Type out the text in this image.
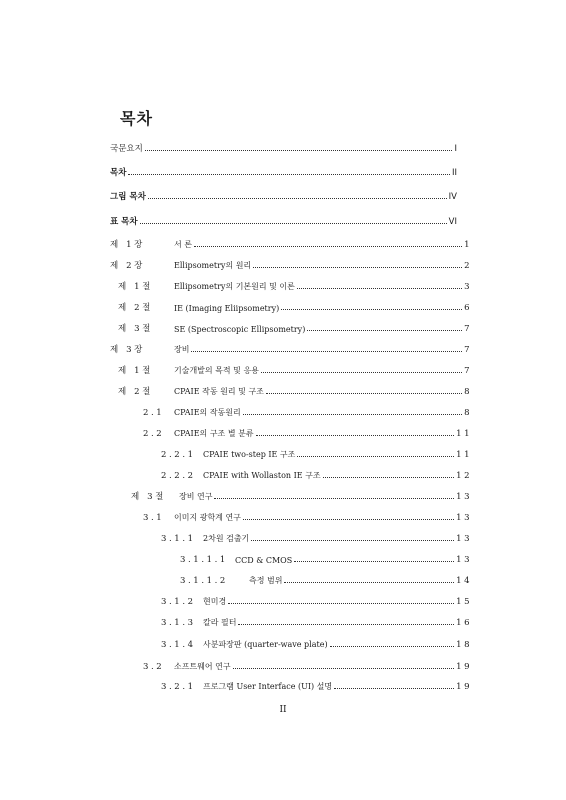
목차
국문요지	I
목차	II
그림 목차	IV
표 목차	VI
제 1장	서 론	1
제 2장	Ellipsometry의 원리	2
제 1절	Ellipsometry의 기본원리 및 이론	3
제 2절	IE (Imaging Eliipsometry)	6
제 3절	SE (Spectroscopic Ellipsometry)	7
제 3장	장비	7
제 1절	기술개발의 목적 및 응용	7
제 2절	CPAIE 작동 원리 및 구조	8
2.1	CPAIE의 작동원리	8
2.2	CPAIE의 구조 별 분류	11
2.2.1 CPAIE two-step IE 구조	11
2.2.2 CPAIE with Wollaston IE 구조	12
제 3절	장비 연구	13
3.1	이미지 광학계 연구	13
3.1.1 2차원 검출기	13
3.1.1.1 CCD & CMOS	13
3.1.1.2	측정 범위	14
3.1.2 현미경	15
3.1.3 칼라 필터	16
3.1.4 사분파장판 (quarter-wave plate)	18
3.2	소프트웨어 연구	19
3.2.1 프로그램 User Interface (UI) 설명	19
II
